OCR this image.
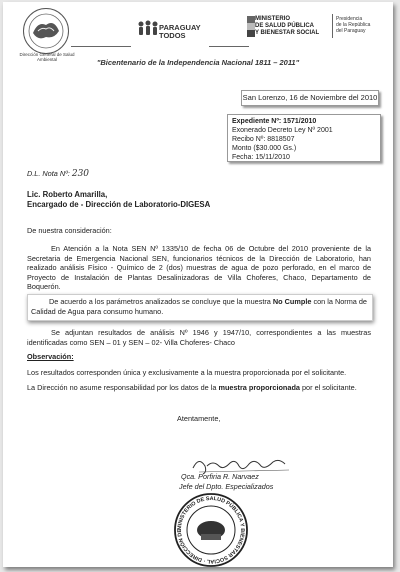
Dirección General de Salud Ambiental
PARAGUAY
TODOS
MINISTERIO
DE SALUD PÚBLICA
Y BIENESTAR SOCIAL
Presidencia
de la República
del Paraguay
"Bicentenario de la Independencia Nacional 1811 – 2011"
San Lorenzo, 16 de Noviembre del 2010
Expediente Nº: 1571/2010
Exonerado Decreto Ley Nº 2001
Recibo Nº: 8818507
Monto ($30.000 Gs.)
Fecha: 15/11/2010
D.L. Nota Nº: 230
Lic. Roberto Amarilla,
Encargado de - Dirección de Laboratorio-DIGESA
De nuestra consideración:
En Atención a la Nota SEN Nº 1335/10 de fecha 06 de Octubre del 2010 proveniente de la Secretaria de Emergencia Nacional SEN, funcionarios técnicos de la Dirección de Laboratorio, han realizado análisis Físico - Químico de 2 (dos) muestras de agua de pozo perforado, en el marco de Proyecto de Instalación de Plantas Desalinizadoras de Villa Choferes, Chaco, Departamento de Boquerón.
De acuerdo a los parámetros analizados se concluye que la muestra No Cumple con la Norma de Calidad de Agua para consumo humano.
Se adjuntan resultados de análisis Nº 1946 y 1947/10, correspondientes a las muestras identificadas como SEN – 01 y SEN – 02- Villa Choferes- Chaco
Observación:
Los resultados corresponden única y exclusivamente a la muestra proporcionada por el solicitante.
La Dirección no asume responsabilidad por los datos de la muestra proporcionada por el solicitante.
Atentamente,
Qca. Porfiria R. Narvaez
Jefe del Dpto. Especializados
MINISTERIO DE SALUD PÚBLICA Y BIENESTAR SOCIAL · DIRECCIÓN DE
